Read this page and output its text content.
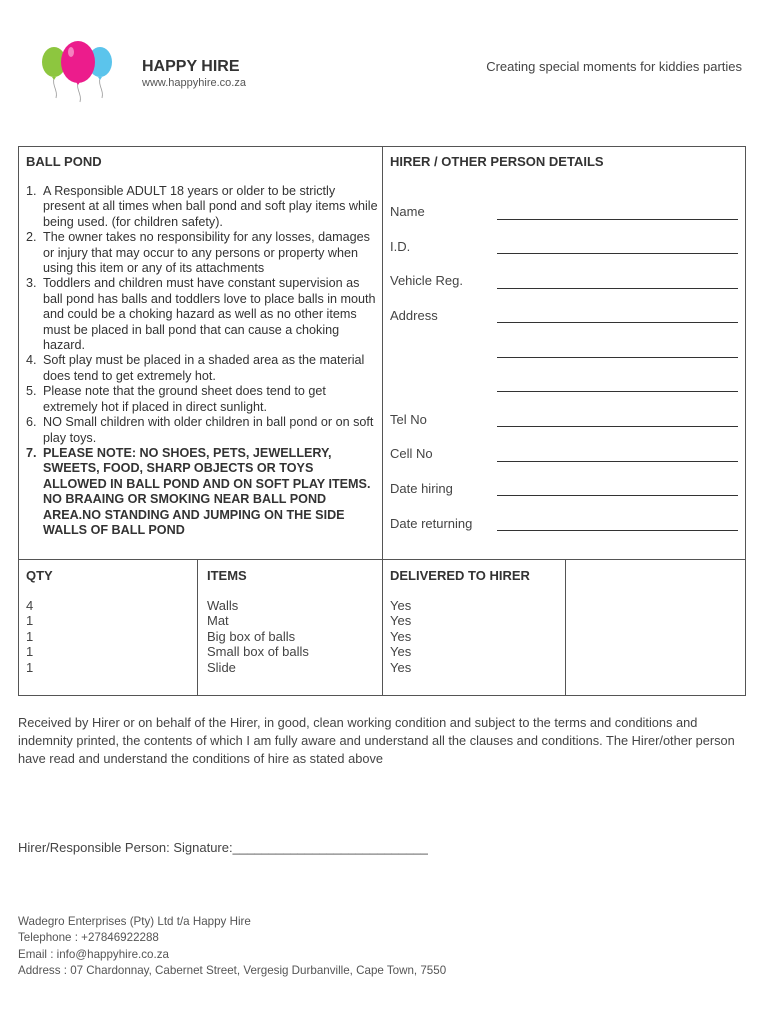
HAPPY HIRE
www.happyhire.co.za
Creating special moments for kiddies parties
BALL POND
1. A Responsible ADULT 18 years or older to be strictly present at all times when ball pond and soft play items while being used. (for children safety).
2. The owner takes no responsibility for any losses, damages or injury that may occur to any persons or property when using this item or any of its attachments
3. Toddlers and children must have constant supervision as ball pond has balls and toddlers love to place balls in mouth and could be a choking hazard as well as no other items must be placed in ball pond that can cause a choking hazard.
4. Soft play must be placed in a shaded area as the material does tend to get extremely hot.
5. Please note that the ground sheet does tend to get extremely hot if placed in direct sunlight.
6. NO Small children with older children in ball pond or on soft play toys.
7. PLEASE NOTE: NO SHOES, PETS, JEWELLERY, SWEETS, FOOD, SHARP OBJECTS OR TOYS ALLOWED IN BALL POND AND ON SOFT PLAY ITEMS. NO BRAAING OR SMOKING NEAR BALL POND AREA.NO STANDING AND JUMPING ON THE SIDE WALLS OF BALL POND
HIRER / OTHER PERSON DETAILS
Name
I.D.
Vehicle Reg.
Address
Tel No
Cell No
Date hiring
Date returning
QTY	ITEMS	DELIVERED TO HIRER
4
1
1
1
1
Walls
Mat
Big box of balls
Small box of balls
Slide
Yes
Yes
Yes
Yes
Yes
Received by Hirer or on behalf of the Hirer, in good, clean working condition and subject to the terms and conditions and indemnity printed, the contents of which I am fully aware and understand all the clauses and conditions. The Hirer/other person have read and understand the conditions of hire as stated above
Hirer/Responsible Person: Signature:___________________________
Wadegro Enterprises (Pty) Ltd t/a Happy Hire
Telephone : +27846922288
Email : info@happyhire.co.za
Address : 07 Chardonnay, Cabernet Street, Vergesig Durbanville, Cape Town, 7550
